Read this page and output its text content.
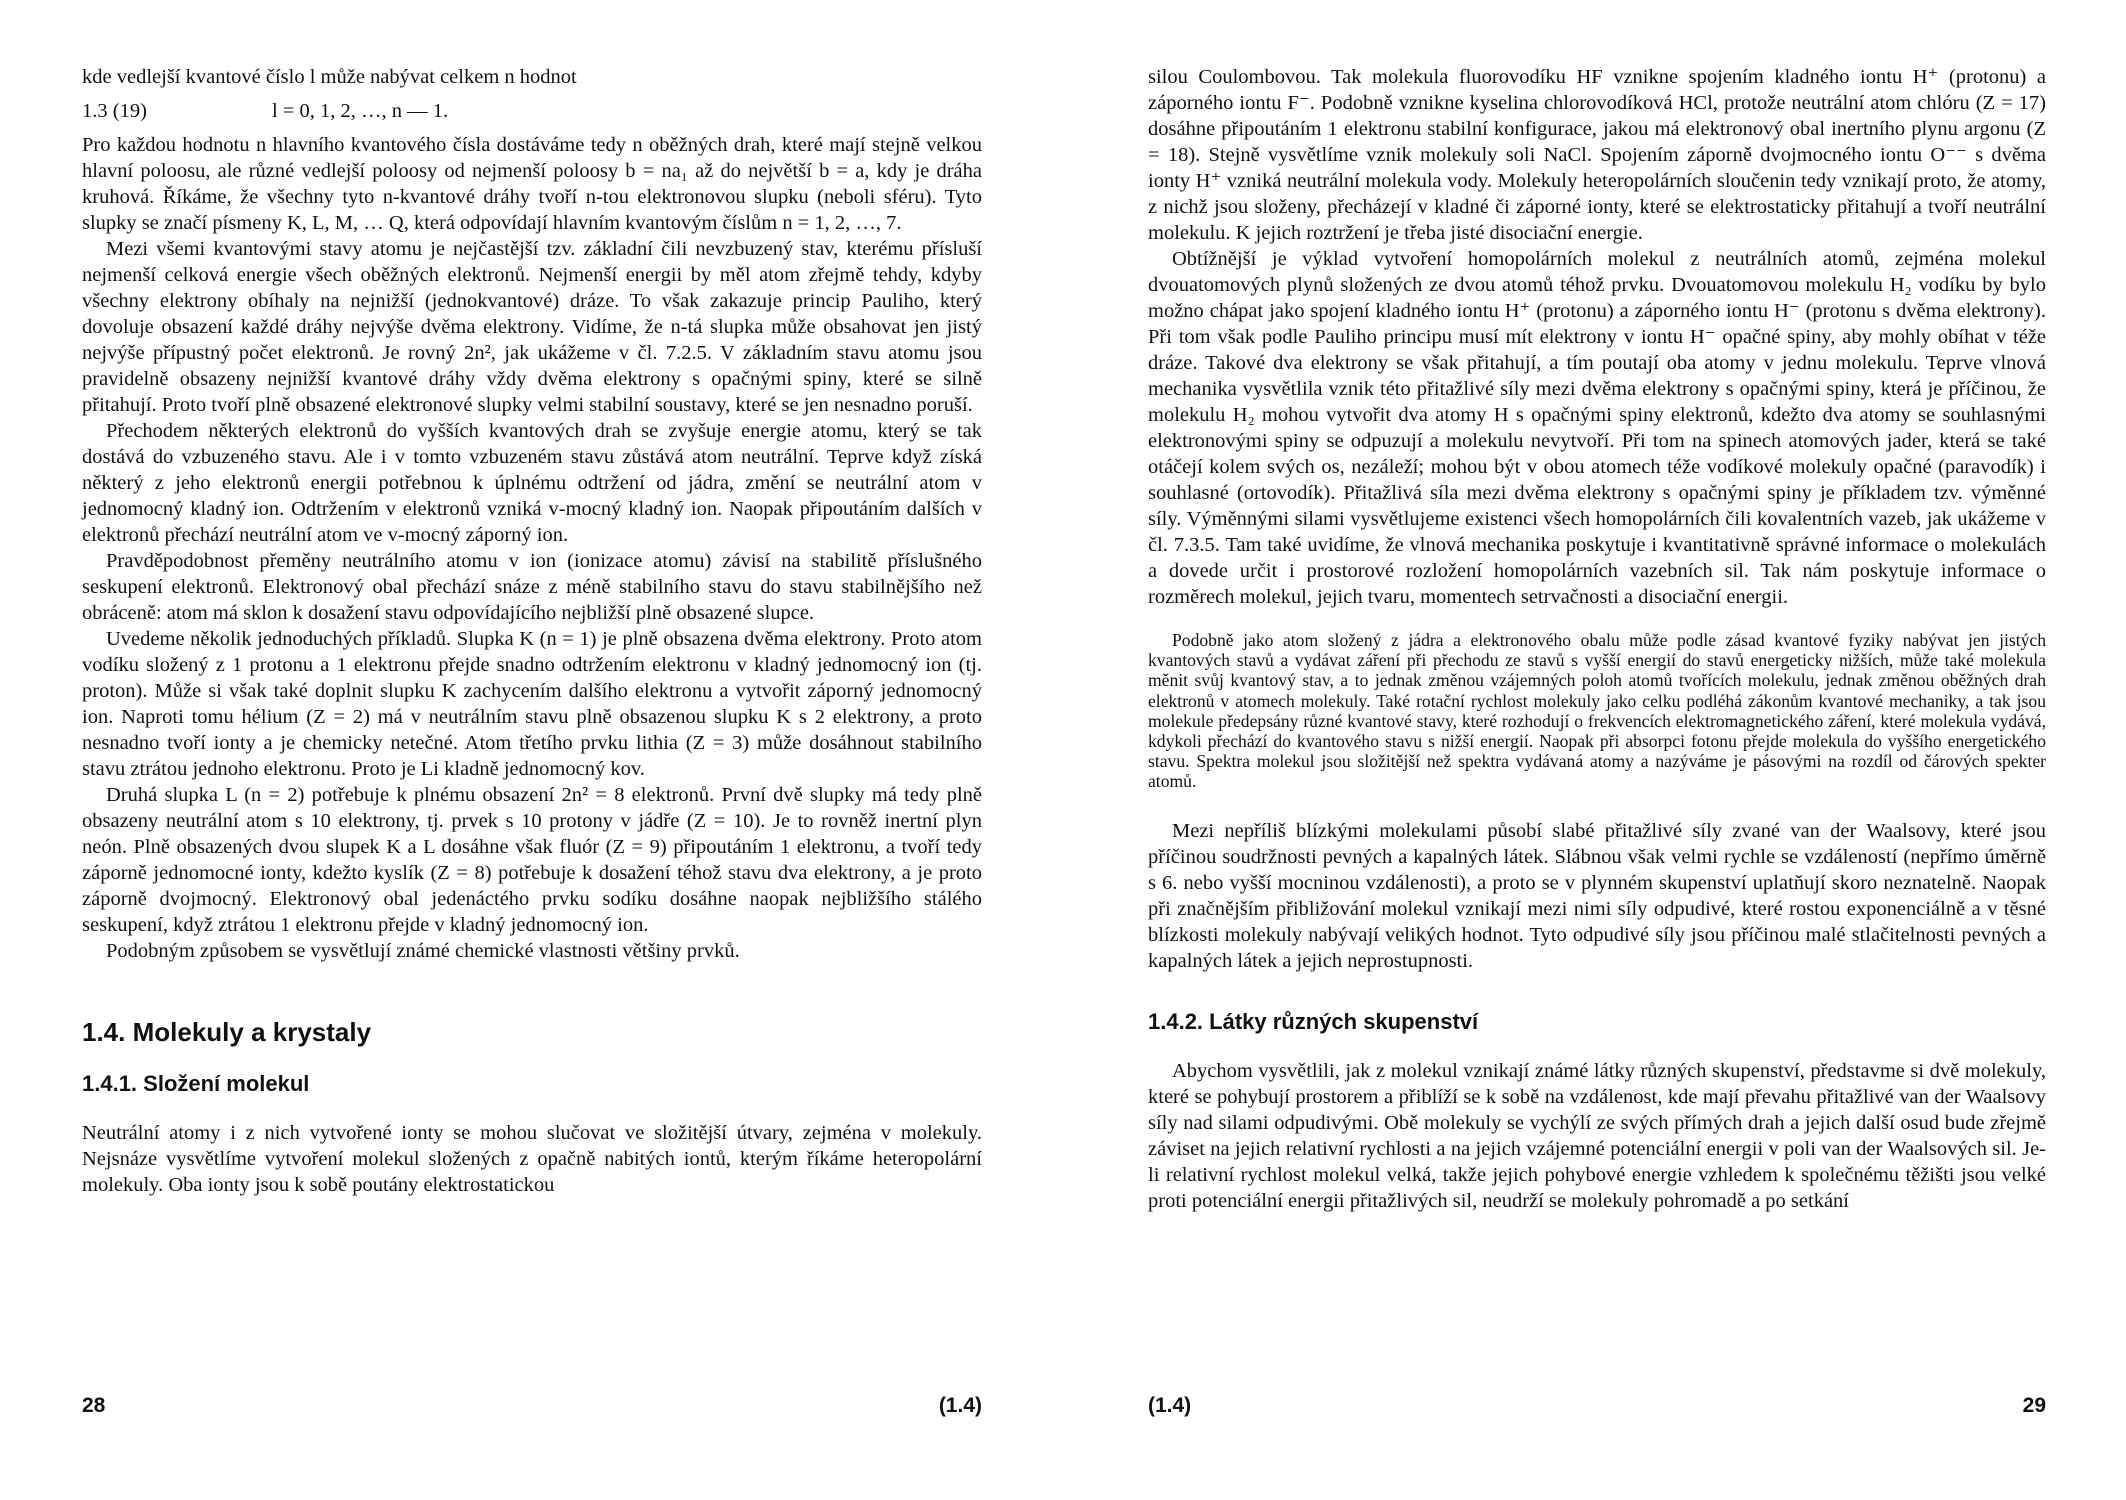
kde vedlejší kvantové číslo l může nabývat celkem n hodnot

1.3 (19)	l = 0, 1, 2, …, n — 1.

Pro každou hodnotu n hlavního kvantového čísla dostáváme tedy n oběžných drah, které mají stejně velkou hlavní poloosu, ale různé vedlejší poloosy od nejmenší poloosy b = na₁ až do největší b = a, kdy je dráha kruhová. Říkáme, že všechny tyto n-kvantové dráhy tvoří n-tou elektronovou slupku (neboli sféru). Tyto slupky se značí písmeny K, L, M, … Q, která odpovídají hlavním kvantovým číslům n = 1, 2, …, 7.

Mezi všemi kvantovými stavy atomu je nejčastější tzv. základní čili nevzbuzený stav, kterému přísluší nejmenší celková energie všech oběžných elektronů. Nejmenší energii by měl atom zřejmě tehdy, kdyby všechny elektrony obíhaly na nejnižší (jednokvantové) dráze. To však zakazuje princip Pauliho, který dovoluje obsazení každé dráhy nejvýše dvěma elektrony. Vidíme, že n-tá slupka může obsahovat jen jistý nejvýše přípustný počet elektronů. Je rovný 2n², jak ukážeme v čl. 7.2.5. V základním stavu atomu jsou pravidelně obsazeny nejnižší kvantové dráhy vždy dvěma elektrony s opačnými spiny, které se silně přitahují. Proto tvoří plně obsazené elektronové slupky velmi stabilní soustavy, které se jen nesnadno poruší.

Přechodem některých elektronů do vyšších kvantových drah se zvyšuje energie atomu, který se tak dostává do vzbuzeného stavu. Ale i v tomto vzbuzeném stavu zůstává atom neutrální. Teprve když získá některý z jeho elektronů energii potřebnou k úplnému odtržení od jádra, změní se neutrální atom v jednomocný kladný ion. Odtržením v elektronů vzniká v-mocný kladný ion. Naopak připoutáním dalších v elektronů přechází neutrální atom ve v-mocný záporný ion.

Pravděpodobnost přeměny neutrálního atomu v ion (ionizace atomu) závisí na stabilitě příslušného seskupení elektronů. Elektronový obal přechází snáze z méně stabilního stavu do stavu stabilnějšího než obráceně: atom má sklon k dosažení stavu odpovídajícího nejbližší plně obsazené slupce.

Uvedeme několik jednoduchých příkladů. Slupka K (n = 1) je plně obsazena dvěma elektrony. Proto atom vodíku složený z 1 protonu a 1 elektronu přejde snadno odtržením elektronu v kladný jednomocný ion (tj. proton). Může si však také doplnit slupku K zachycením dalšího elektronu a vytvořit záporný jednomocný ion. Naproti tomu hélium (Z = 2) má v neutrálním stavu plně obsazenou slupku K s 2 elektrony, a proto nesnadno tvoří ionty a je chemicky netečné. Atom třetího prvku lithia (Z = 3) může dosáhnout stabilního stavu ztrátou jednoho elektronu. Proto je Li kladně jednomocný kov.

Druhá slupka L (n = 2) potřebuje k plnému obsazení 2n² = 8 elektronů. První dvě slupky má tedy plně obsazeny neutrální atom s 10 elektrony, tj. prvek s 10 protony v jádře (Z = 10). Je to rovněž inertní plyn neón. Plně obsazených dvou slupek K a L dosáhne však fluór (Z = 9) připoutáním 1 elektronu, a tvoří tedy záporně jednomocné ionty, kdežto kyslík (Z = 8) potřebuje k dosažení téhož stavu dva elektrony, a je proto záporně dvojmocný. Elektronový obal jedenáctého prvku sodíku dosáhne naopak nejbližšího stálého seskupení, když ztrátou 1 elektronu přejde v kladný jednomocný ion.

Podobným způsobem se vysvětlují známé chemické vlastnosti většiny prvků.

1.4. Molekuly a krystaly
1.4.1. Složení molekul

Neutrální atomy i z nich vytvořené ionty se mohou slučovat ve složitější útvary, zejména v molekuly. Nejsnáze vysvětlíme vytvoření molekul složených z opačně nabitých iontů, kterým říkáme heteropolární molekuly. Oba ionty jsou k sobě poutány elektrostatickou

28	(1.4)

silou Coulombovou. Tak molekula fluorovodíku HF vznikne spojením kladného iontu H⁺ (protonu) a záporného iontu F⁻. Podobně vznikne kyselina chlorovodíková HCl, protože neutrální atom chlóru (Z = 17) dosáhne připoutáním 1 elektronu stabilní konfigurace, jakou má elektronový obal inertního plynu argonu (Z = 18). Stejně vysvětlíme vznik molekuly soli NaCl. Spojením záporně dvojmocného iontu O⁻⁻ s dvěma ionty H⁺ vzniká neutrální molekula vody. Molekuly heteropolárních sloučenin tedy vznikají proto, že atomy, z nichž jsou složeny, přecházejí v kladné či záporné ionty, které se elektrostaticky přitahují a tvoří neutrální molekulu. K jejich roztržení je třeba jisté disociační energie.

Obtížnější je výklad vytvoření homopolárních molekul z neutrálních atomů, zejména molekul dvouatomových plynů složených ze dvou atomů téhož prvku. Dvouatomovou molekulu H₂ vodíku by bylo možno chápat jako spojení kladného iontu H⁺ (protonu) a záporného iontu H⁻ (protonu s dvěma elektrony). Při tom však podle Pauliho principu musí mít elektrony v iontu H⁻ opačné spiny, aby mohly obíhat v téže dráze. Takové dva elektrony se však přitahují, a tím poutají oba atomy v jednu molekulu. Teprve vlnová mechanika vysvětlila vznik této přitažlivé síly mezi dvěma elektrony s opačnými spiny, která je příčinou, že molekulu H₂ mohou vytvořit dva atomy H s opačnými spiny elektronů, kdežto dva atomy se souhlasnými elektronovými spiny se odpuzují a molekulu nevytvoří. Při tom na spinech atomových jader, která se také otáčejí kolem svých os, nezáleží; mohou být v obou atomech téže vodíkové molekuly opačné (paravodík) i souhlasné (ortovodík). Přitažlivá síla mezi dvěma elektrony s opačnými spiny je příkladem tzv. výměnné síly. Výměnnými silami vysvětlujeme existenci všech homopolárních čili kovalentních vazeb, jak ukážeme v čl. 7.3.5. Tam také uvidíme, že vlnová mechanika poskytuje i kvantitativně správné informace o molekulách a dovede určit i prostorové rozložení homopolárních vazebních sil. Tak nám poskytuje informace o rozměrech molekul, jejich tvaru, momentech setrvačnosti a disociační energii.

Podobně jako atom složený z jádra a elektronového obalu může podle zásad kvantové fyziky nabývat jen jistých kvantových stavů a vydávat záření při přechodu ze stavů s vyšší energií do stavů energeticky nižších, může také molekula měnit svůj kvantový stav, a to jednak změnou vzájemných poloh atomů tvořících molekulu, jednak změnou oběžných drah elektronů v atomech molekuly. Také rotační rychlost molekuly jako celku podléhá zákonům kvantové mechaniky, a tak jsou molekule předepsány různé kvantové stavy, které rozhodují o frekvencích elektromagnetického záření, které molekula vydává, kdykoli přechází do kvantového stavu s nižší energií. Naopak při absorpci fotonu přejde molekula do vyššího energetického stavu. Spektra molekul jsou složitější než spektra vydávaná atomy a nazýváme je pásovými na rozdíl od čárových spekter atomů.

Mezi nepříliš blízkými molekulami působí slabé přitažlivé síly zvané van der Waalsovy, které jsou příčinou soudržnosti pevných a kapalných látek. Slábnou však velmi rychle se vzdáleností (nepřímo úměrně s 6. nebo vyšší mocninou vzdálenosti), a proto se v plynném skupenství uplatňují skoro neznatelně. Naopak při značnějším přibližování molekul vznikají mezi nimi síly odpudivé, které rostou exponenciálně a v těsné blízkosti molekuly nabývají velikých hodnot. Tyto odpudivé síly jsou příčinou malé stlačitelnosti pevných a kapalných látek a jejich neprostupnosti.

1.4.2. Látky různých skupenství

Abychom vysvětlili, jak z molekul vznikají známé látky různých skupenství, představme si dvě molekuly, které se pohybují prostorem a přiblíží se k sobě na vzdálenost, kde mají převahu přitažlivé van der Waalsovy síly nad silami odpudivými. Obě molekuly se vychýlí ze svých přímých drah a jejich další osud bude zřejmě záviset na jejich relativní rychlosti a na jejich vzájemné potenciální energii v poli van der Waalsových sil. Je-li relativní rychlost molekul velká, takže jejich pohybové energie vzhledem k společnému těžišti jsou velké proti potenciální energii přitažlivých sil, neudrží se molekuly pohromadě a po setkání

(1.4)	29
